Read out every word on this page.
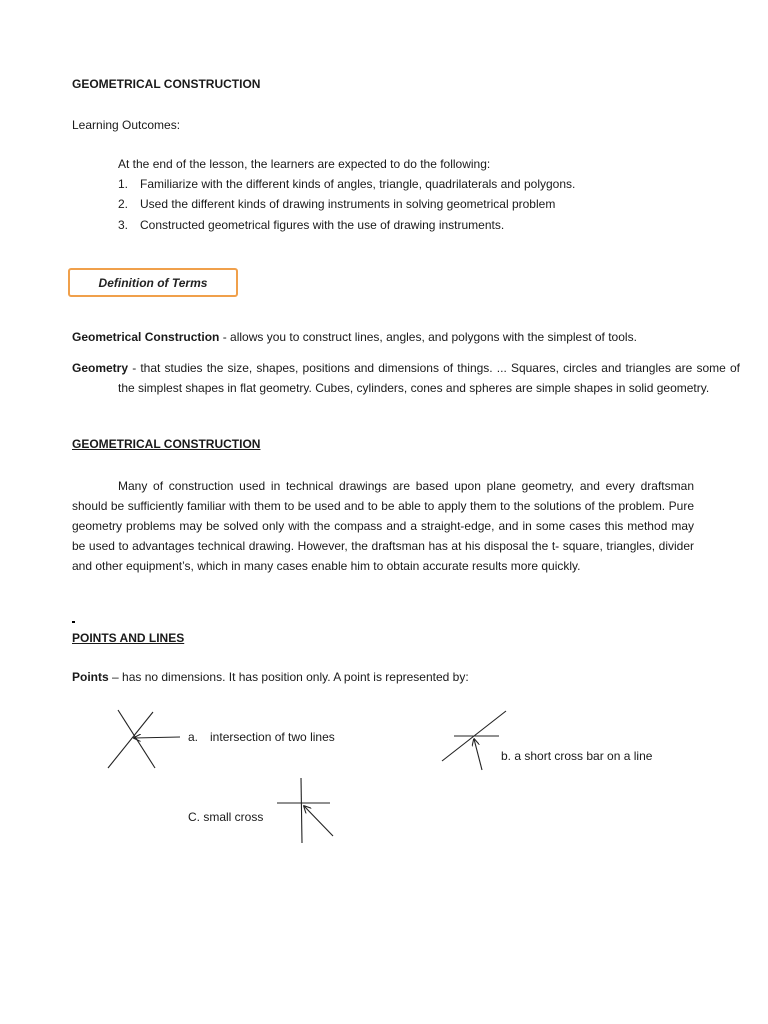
GEOMETRICAL CONSTRUCTION
Learning Outcomes:
At the end of the lesson, the learners are expected to do the following:
1. Familiarize with the different kinds of angles, triangle, quadrilaterals and polygons.
2. Used the different kinds of drawing instruments in solving geometrical problem
3. Constructed geometrical figures with the use of drawing instruments.
Definition of Terms
Geometrical Construction - allows you to construct lines, angles, and polygons with the simplest of tools.
Geometry - that studies the size, shapes, positions and dimensions of things. ... Squares, circles and triangles are some of the simplest shapes in flat geometry. Cubes, cylinders, cones and spheres are simple shapes in solid geometry.
GEOMETRICAL CONSTRUCTION
Many of construction used in technical drawings are based upon plane geometry, and every draftsman should be sufficiently familiar with them to be used and to be able to apply them to the solutions of the problem. Pure geometry problems may be solved only with the compass and a straight-edge, and in some cases this method may be used to advantages technical drawing. However, the draftsman has at his disposal the t- square, triangles, divider and other equipment’s, which in many cases enable him to obtain accurate results more quickly.
POINTS AND LINES
Points – has no dimensions. It has position only. A point is represented by:
a. intersection of two lines
b. a short cross bar on a line
C. small cross
